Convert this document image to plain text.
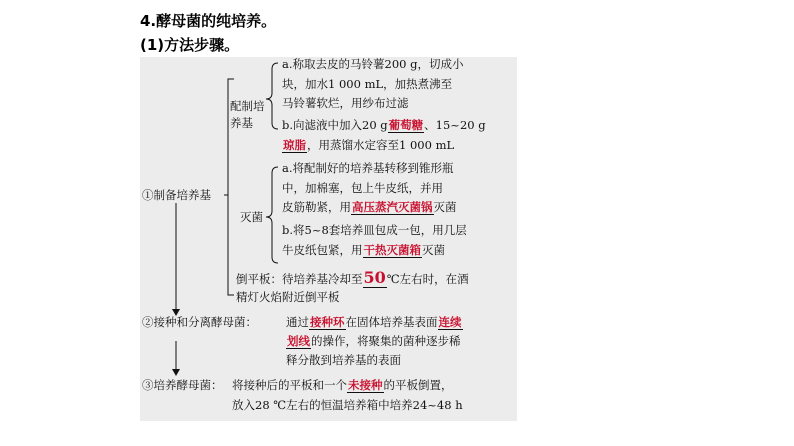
4.酵母菌的纯培养。
(1)方法步骤。
①制备培养基
配制培
养基
a.称取去皮的马铃薯200 g，切成小
块，加水1 000 mL，加热煮沸至
马铃薯软烂，用纱布过滤
b.向滤液中加入20 g葡萄糖、15~20 g
琼脂，用蒸馏水定容至1 000 mL
灭菌
a.将配制好的培养基转移到锥形瓶
中，加棉塞，包上牛皮纸，并用
皮筋勒紧，用高压蒸汽灭菌锅灭菌
b.将5~8套培养皿包成一包，用几层
牛皮纸包紧，用干热灭菌箱灭菌
倒平板：待培养基冷却至50℃左右时，在酒
精灯火焰附近倒平板
②接种和分离酵母菌：	通过接种环在固体培养基表面连续
划线的操作，将聚集的菌种逐步稀
释分散到培养基的表面
③培养酵母菌： 将接种后的平板和一个未接种的平板倒置，
放入28 ℃左右的恒温培养箱中培养24~48 h
